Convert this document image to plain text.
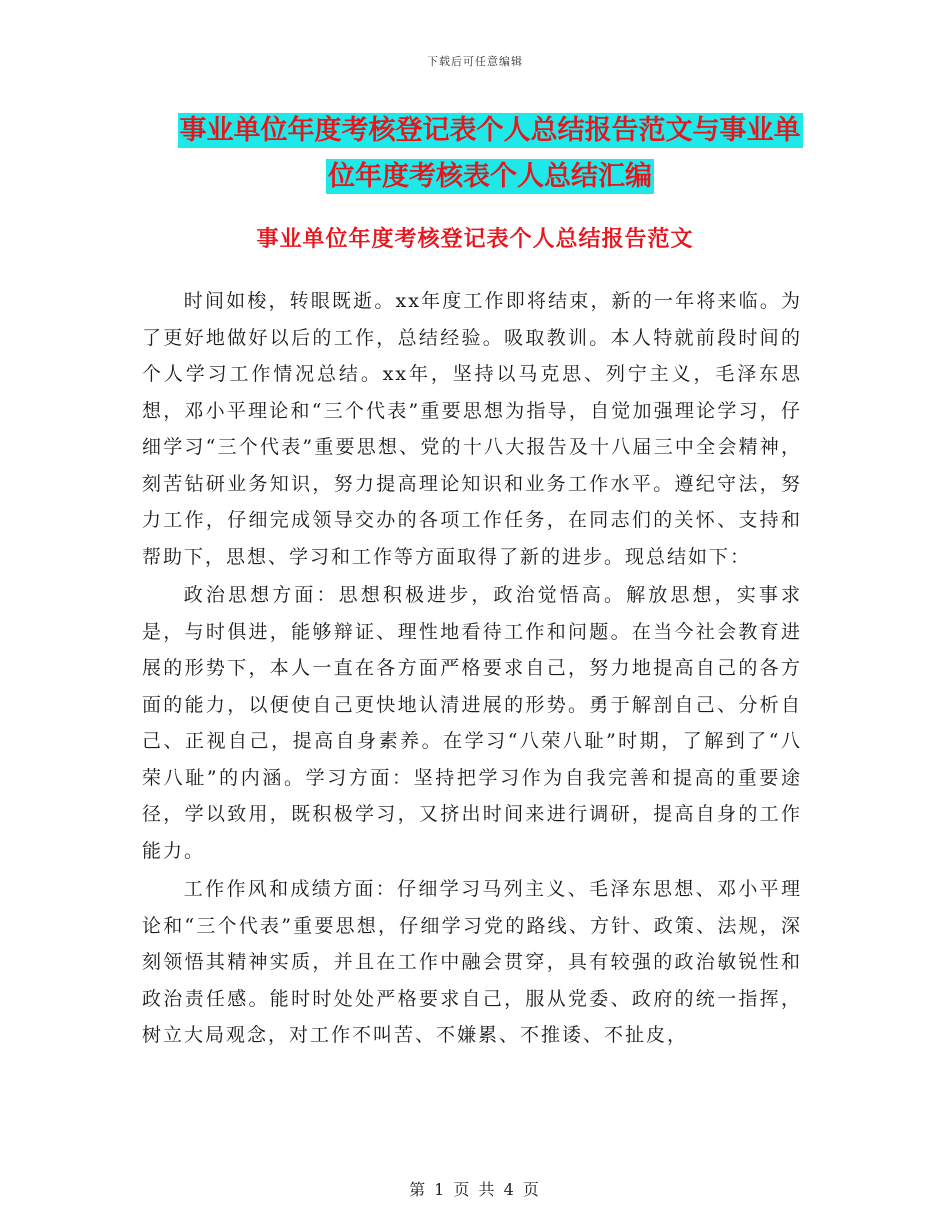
下载后可任意编辑
事业单位年度考核登记表个人总结报告范文与事业单
位年度考核表个人总结汇编
事业单位年度考核登记表个人总结报告范文

时间如梭，转眼既逝。xx年度工作即将结束，新的一年将来临。为了更好地做好以后的工作，总结经验。吸取教训。本人特就前段时间的个人学习工作情况总结。xx年，坚持以马克思、列宁主义，毛泽东思想，邓小平理论和“三个代表”重要思想为指导，自觉加强理论学习，仔细学习“三个代表”重要思想、党的十八大报告及十八届三中全会精神，刻苦钻研业务知识，努力提高理论知识和业务工作水平。遵纪守法，努力工作，仔细完成领导交办的各项工作任务，在同志们的关怀、支持和帮助下，思想、学习和工作等方面取得了新的进步。现总结如下：

政治思想方面：思想积极进步，政治觉悟高。解放思想，实事求是，与时俱进，能够辩证、理性地看待工作和问题。在当今社会教育进展的形势下，本人一直在各方面严格要求自己，努力地提高自己的各方面的能力，以便使自己更快地认清进展的形势。勇于解剖自己、分析自己、正视自己，提高自身素养。在学习“八荣八耻”时期，了解到了“八荣八耻”的内涵。学习方面：坚持把学习作为自我完善和提高的重要途径，学以致用，既积极学习，又挤出时间来进行调研，提高自身的工作能力。

工作作风和成绩方面：仔细学习马列主义、毛泽东思想、邓小平理论和“三个代表”重要思想，仔细学习党的路线、方针、政策、法规，深刻领悟其精神实质，并且在工作中融会贯穿，具有较强的政治敏锐性和政治责任感。能时时处处严格要求自己，服从党委、政府的统一指挥，树立大局观念，对工作不叫苦、不嫌累、不推诿、不扯皮，

第 1 页 共 4 页
